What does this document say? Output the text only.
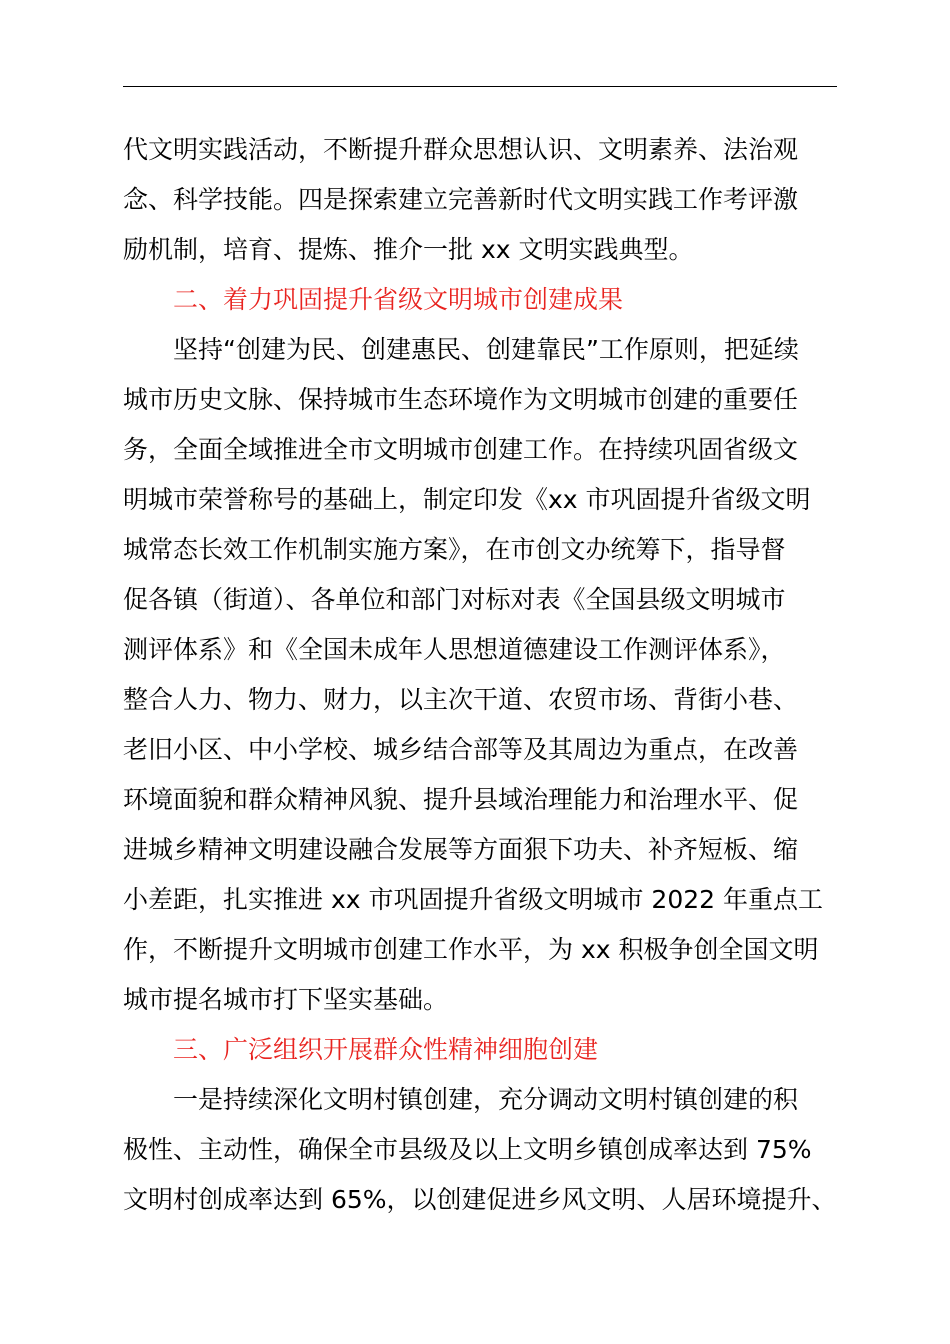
代文明实践活动，不断提升群众思想认识、文明素养、法治观
念、科学技能。四是探索建立完善新时代文明实践工作考评激
励机制，培育、提炼、推介一批 xx 文明实践典型。
二、着力巩固提升省级文明城市创建成果
坚持“创建为民、创建惠民、创建靠民”工作原则，把延续
城市历史文脉、保持城市生态环境作为文明城市创建的重要任
务，全面全域推进全市文明城市创建工作。在持续巩固省级文
明城市荣誉称号的基础上，制定印发《xx 市巩固提升省级文明
城常态长效工作机制实施方案》，在市创文办统筹下，指导督
促各镇（街道）、各单位和部门对标对表《全国县级文明城市
测评体系》和《全国未成年人思想道德建设工作测评体系》，
整合人力、物力、财力，以主次干道、农贸市场、背街小巷、
老旧小区、中小学校、城乡结合部等及其周边为重点，在改善
环境面貌和群众精神风貌、提升县域治理能力和治理水平、促
进城乡精神文明建设融合发展等方面狠下功夫、补齐短板、缩
小差距，扎实推进 xx 市巩固提升省级文明城市 2022 年重点工
作，不断提升文明城市创建工作水平，为 xx 积极争创全国文明
城市提名城市打下坚实基础。
三、广泛组织开展群众性精神细胞创建
一是持续深化文明村镇创建，充分调动文明村镇创建的积
极性、主动性，确保全市县级及以上文明乡镇创成率达到 75%
文明村创成率达到 65%，以创建促进乡风文明、人居环境提升、
